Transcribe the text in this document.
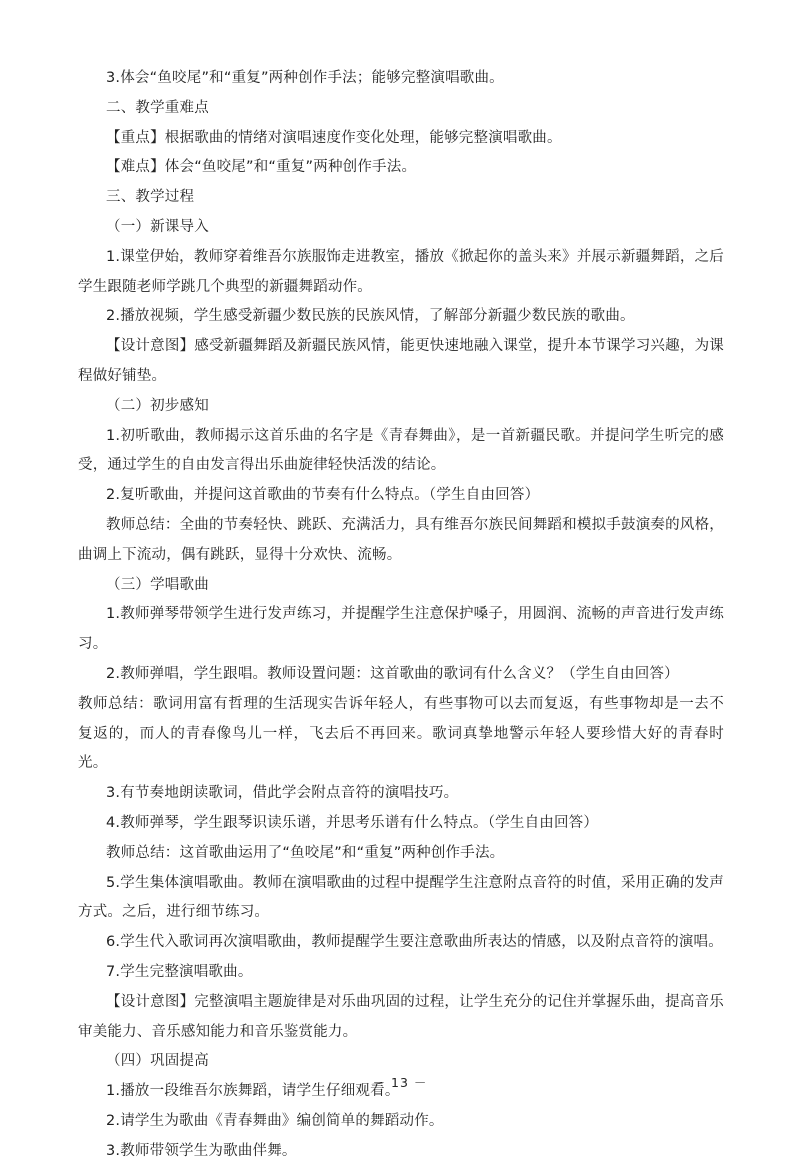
3.体会“鱼咬尾”和“重复”两种创作手法；能够完整演唱歌曲。

二、教学重难点

【重点】根据歌曲的情绪对演唱速度作变化处理，能够完整演唱歌曲。

【难点】体会“鱼咬尾”和“重复”两种创作手法。

三、教学过程

（一）新课导入

1.课堂伊始，教师穿着维吾尔族服饰走进教室，播放《掀起你的盖头来》并展示新疆舞蹈，之后学生跟随老师学跳几个典型的新疆舞蹈动作。

2.播放视频，学生感受新疆少数民族的民族风情，了解部分新疆少数民族的歌曲。

【设计意图】感受新疆舞蹈及新疆民族风情，能更快速地融入课堂，提升本节课学习兴趣，为课程做好铺垫。

（二）初步感知

1.初听歌曲，教师揭示这首乐曲的名字是《青春舞曲》，是一首新疆民歌。并提问学生听完的感受，通过学生的自由发言得出乐曲旋律轻快活泼的结论。

2.复听歌曲，并提问这首歌曲的节奏有什么特点。（学生自由回答）

教师总结：全曲的节奏轻快、跳跃、充满活力，具有维吾尔族民间舞蹈和模拟手鼓演奏的风格，曲调上下流动，偶有跳跃，显得十分欢快、流畅。

（三）学唱歌曲

1.教师弹琴带领学生进行发声练习，并提醒学生注意保护嗓子，用圆润、流畅的声音进行发声练习。

2.教师弹唱，学生跟唱。教师设置问题：这首歌曲的歌词有什么含义？（学生自由回答）

教师总结：歌词用富有哲理的生活现实告诉年轻人，有些事物可以去而复返，有些事物却是一去不复返的，而人的青春像鸟儿一样，飞去后不再回来。歌词真挚地警示年轻人要珍惜大好的青春时光。

3.有节奏地朗读歌词，借此学会附点音符的演唱技巧。

4.教师弹琴，学生跟琴识读乐谱，并思考乐谱有什么特点。（学生自由回答）

教师总结：这首歌曲运用了“鱼咬尾”和“重复”两种创作手法。

5.学生集体演唱歌曲。教师在演唱歌曲的过程中提醒学生注意附点音符的时值，采用正确的发声方式。之后，进行细节练习。

6.学生代入歌词再次演唱歌曲，教师提醒学生要注意歌曲所表达的情感，以及附点音符的演唱。

7.学生完整演唱歌曲。

【设计意图】完整演唱主题旋律是对乐曲巩固的过程，让学生充分的记住并掌握乐曲，提高音乐审美能力、音乐感知能力和音乐鉴赏能力。

（四）巩固提高

1.播放一段维吾尔族舞蹈，请学生仔细观看。

2.请学生为歌曲《青春舞曲》编创简单的舞蹈动作。

3.教师带领学生为歌曲伴舞。

－ 13 －
